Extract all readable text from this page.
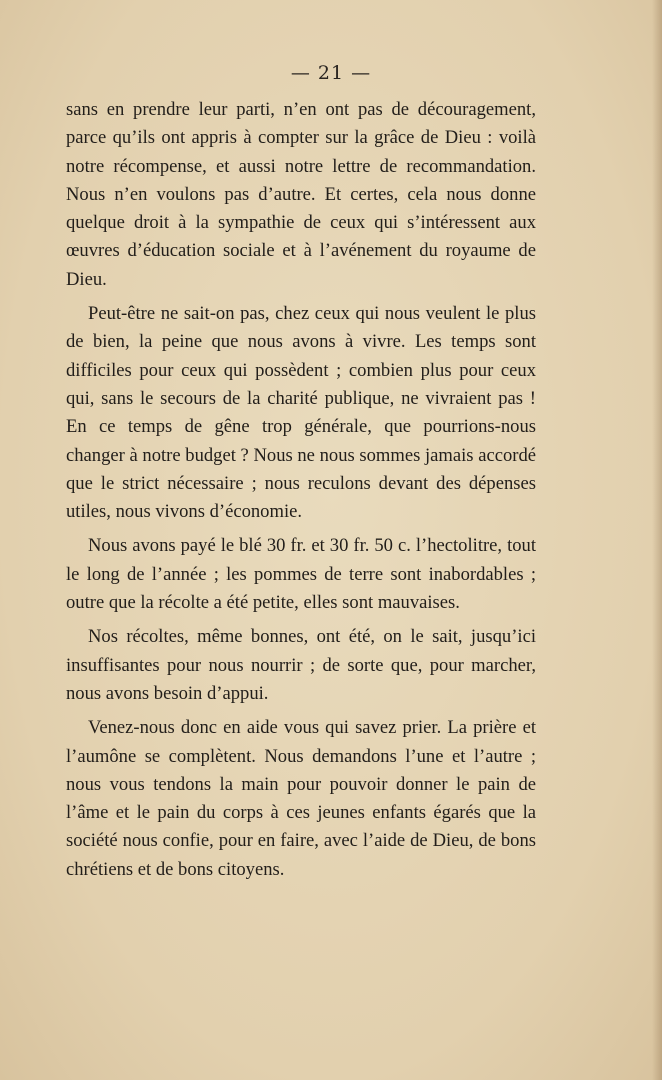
— 21 —

sans en prendre leur parti, n’en ont pas de découragement, parce qu’ils ont appris à compter sur la grâce de Dieu : voilà notre récompense, et aussi notre lettre de recommandation. Nous n’en voulons pas d’autre. Et certes, cela nous donne quelque droit à la sympathie de ceux qui s’intéressent aux œuvres d’éducation sociale et à l’avénement du royaume de Dieu.

Peut-être ne sait-on pas, chez ceux qui nous veulent le plus de bien, la peine que nous avons à vivre. Les temps sont difficiles pour ceux qui possèdent ; combien plus pour ceux qui, sans le secours de la charité publique, ne vivraient pas ! En ce temps de gêne trop générale, que pourrions-nous changer à notre budget ? Nous ne nous sommes jamais accordé que le strict nécessaire ; nous reculons devant des dépenses utiles, nous vivons d’économie.

Nous avons payé le blé 30 fr. et 30 fr. 50 c. l’hectolitre, tout le long de l’année ; les pommes de terre sont inabordables ; outre que la récolte a été petite, elles sont mauvaises.

Nos récoltes, même bonnes, ont été, on le sait, jusqu’ici insuffisantes pour nous nourrir ; de sorte que, pour marcher, nous avons besoin d’appui.

Venez-nous donc en aide vous qui savez prier. La prière et l’aumône se complètent. Nous demandons l’une et l’autre ; nous vous tendons la main pour pouvoir donner le pain de l’âme et le pain du corps à ces jeunes enfants égarés que la société nous confie, pour en faire, avec l’aide de Dieu, de bons chrétiens et de bons citoyens.
